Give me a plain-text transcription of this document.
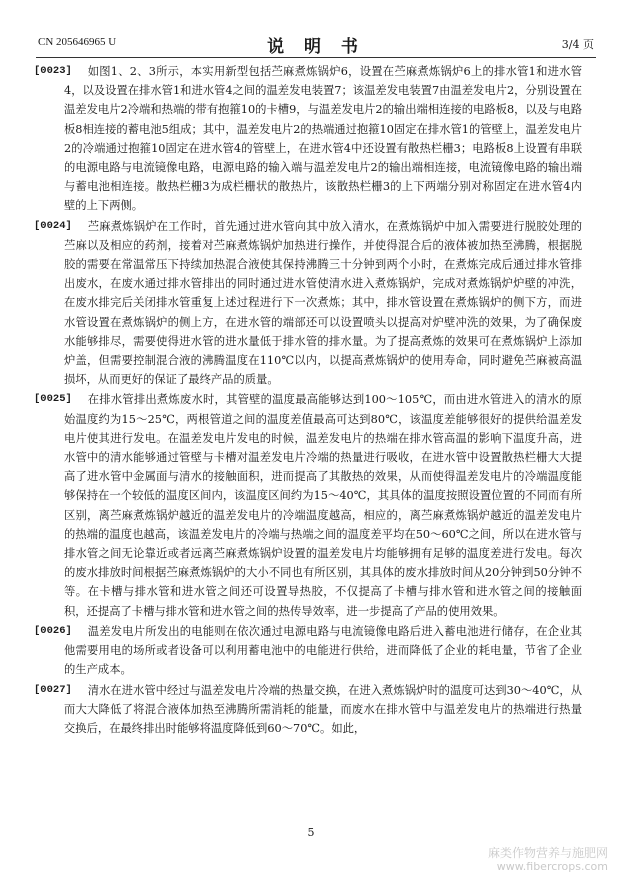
CN 205646965 U	说 明 书	3/4 页
[0023]	如图1、2、3所示，本实用新型包括苎麻煮炼锅炉6，设置在苎麻煮炼锅炉6上的排水管1和进水管4，以及设置在排水管1和进水管4之间的温差发电装置7；该温差发电装置7由温差发电片2，分别设置在温差发电片2冷端和热端的带有抱箍10的卡槽9，与温差发电片2的输出端相连接的电路板8，以及与电路板8相连接的蓄电池5组成；其中，温差发电片2的热端通过抱箍10固定在排水管1的管壁上，温差发电片2的冷端通过抱箍10固定在进水管4的管壁上，在进水管4中还设置有散热栏栅3；电路板8上设置有串联的电源电路与电流镜像电路，电源电路的输入端与温差发电片2的输出端相连接，电流镜像电路的输出端与蓄电池相连接。散热栏栅3为成栏栅状的散热片，该散热栏栅3的上下两端分别对称固定在进水管4内壁的上下两侧。
[0024]	苎麻煮炼锅炉在工作时，首先通过进水管向其中放入清水，在煮炼锅炉中加入需要进行脱胶处理的苎麻以及相应的药剂，接着对苎麻煮炼锅炉加热进行操作，并使得混合后的液体被加热至沸腾，根据脱胶的需要在常温常压下持续加热混合液使其保持沸腾三十分钟到两个小时，在煮炼完成后通过排水管排出废水，在废水通过排水管排出的同时通过进水管使清水进入煮炼锅炉，完成对煮炼锅炉炉壁的冲洗，在废水排完后关闭排水管重复上述过程进行下一次煮炼；其中，排水管设置在煮炼锅炉的侧下方，而进水管设置在煮炼锅炉的侧上方，在进水管的端部还可以设置喷头以提高对炉壁冲洗的效果，为了确保废水能够排尽，需要使得进水管的进水量低于排水管的排水量。为了提高煮炼的效果可在煮炼锅炉上添加炉盖，但需要控制混合液的沸腾温度在110℃以内，以提高煮炼锅炉的使用寿命，同时避免苎麻被高温损坏，从而更好的保证了最终产品的质量。
[0025]	在排水管排出煮炼废水时，其管壁的温度最高能够达到100～105℃，而由进水管进入的清水的原始温度约为15～25℃，两根管道之间的温度差值最高可达到80℃，该温度差能够很好的提供给温差发电片使其进行发电。在温差发电片发电的时候，温差发电片的热端在排水管高温的影响下温度升高，进水管中的清水能够通过管壁与卡槽对温差发电片冷端的热量进行吸收，在进水管中设置散热栏栅大大提高了进水管中金属面与清水的接触面积，进而提高了其散热的效果，从而使得温差发电片的冷端温度能够保持在一个较低的温度区间内，该温度区间约为15～40℃，其具体的温度按照设置位置的不同而有所区别，离苎麻煮炼锅炉越近的温差发电片的冷端温度越高，相应的，离苎麻煮炼锅炉越近的温差发电片的热端的温度也越高，该温差发电片的冷端与热端之间的温度差平均在50～60℃之间，所以在进水管与排水管之间无论靠近或者远离苎麻煮炼锅炉设置的温差发电片均能够拥有足够的温度差进行发电。每次的废水排放时间根据苎麻煮炼锅炉的大小不同也有所区别，其具体的废水排放时间从20分钟到50分钟不等。在卡槽与排水管和进水管之间还可设置导热胶，不仅提高了卡槽与排水管和进水管之间的接触面积，还提高了卡槽与排水管和进水管之间的热传导效率，进一步提高了产品的使用效果。
[0026]	温差发电片所发出的电能则在依次通过电源电路与电流镜像电路后进入蓄电池进行储存，在企业其他需要用电的场所或者设备可以利用蓄电池中的电能进行供给，进而降低了企业的耗电量，节省了企业的生产成本。
[0027]	清水在进水管中经过与温差发电片冷端的热量交换，在进入煮炼锅炉时的温度可达到30～40℃，从而大大降低了将混合液体加热至沸腾所需消耗的能量，而废水在排水管中与温差发电片的热端进行热量交换后，在最终排出时能够将温度降低到60～70℃。如此，
5
麻类作物营养与施肥网
www.fibercrops.com
